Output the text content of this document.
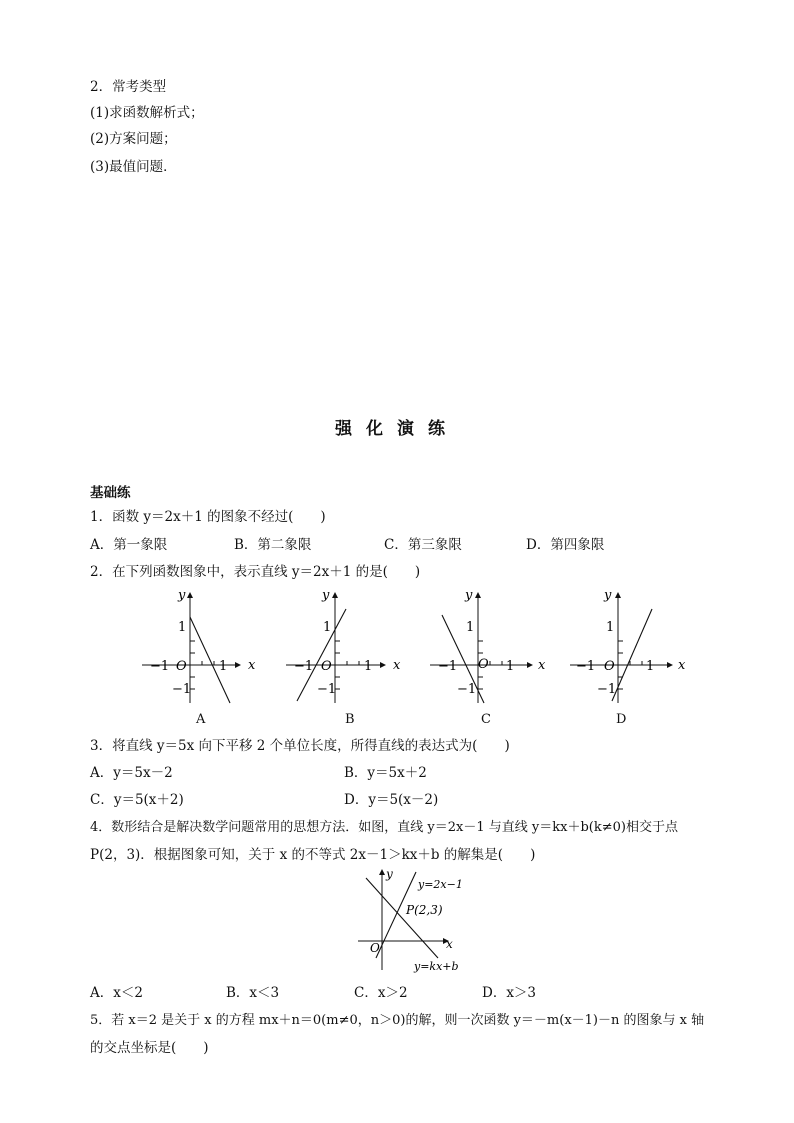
2．常考类型
(1)求函数解析式；
(2)方案问题；
(3)最值问题．
强化演练
基础练
1．函数 y＝2x＋1 的图象不经过(　　)
A．第一象限	B．第二象限	C．第三象限	D．第四象限
2．在下列函数图象中，表示直线 y＝2x＋1 的是(　　)
y
x
1
O
−1	1
−1
y
x
1
O
−1	1
−1
y
x
1
O
−1	1
−1
y
x
1
O
−1	1
−1
A	B	C	D
3．将直线 y＝5x 向下平移 2 个单位长度，所得直线的表达式为(　　)
A．y＝5x－2	B．y＝5x＋2
C．y＝5(x＋2)	D．y＝5(x－2)
4．数形结合是解决数学问题常用的思想方法．如图，直线 y＝2x－1 与直线 y＝kx＋b(k≠0)相交于点
P(2，3)．根据图象可知，关于 x 的不等式 2x－1＞kx＋b 的解集是(　　)
y
x
O
P(2,3)
y=2x−1
y=kx+b
A．x＜2	B．x＜3	C．x＞2	D．x＞3
5．若 x＝2 是关于 x 的方程 mx＋n＝0(m≠0，n＞0)的解，则一次函数 y＝－m(x－1)－n 的图象与 x 轴
的交点坐标是(　　)
